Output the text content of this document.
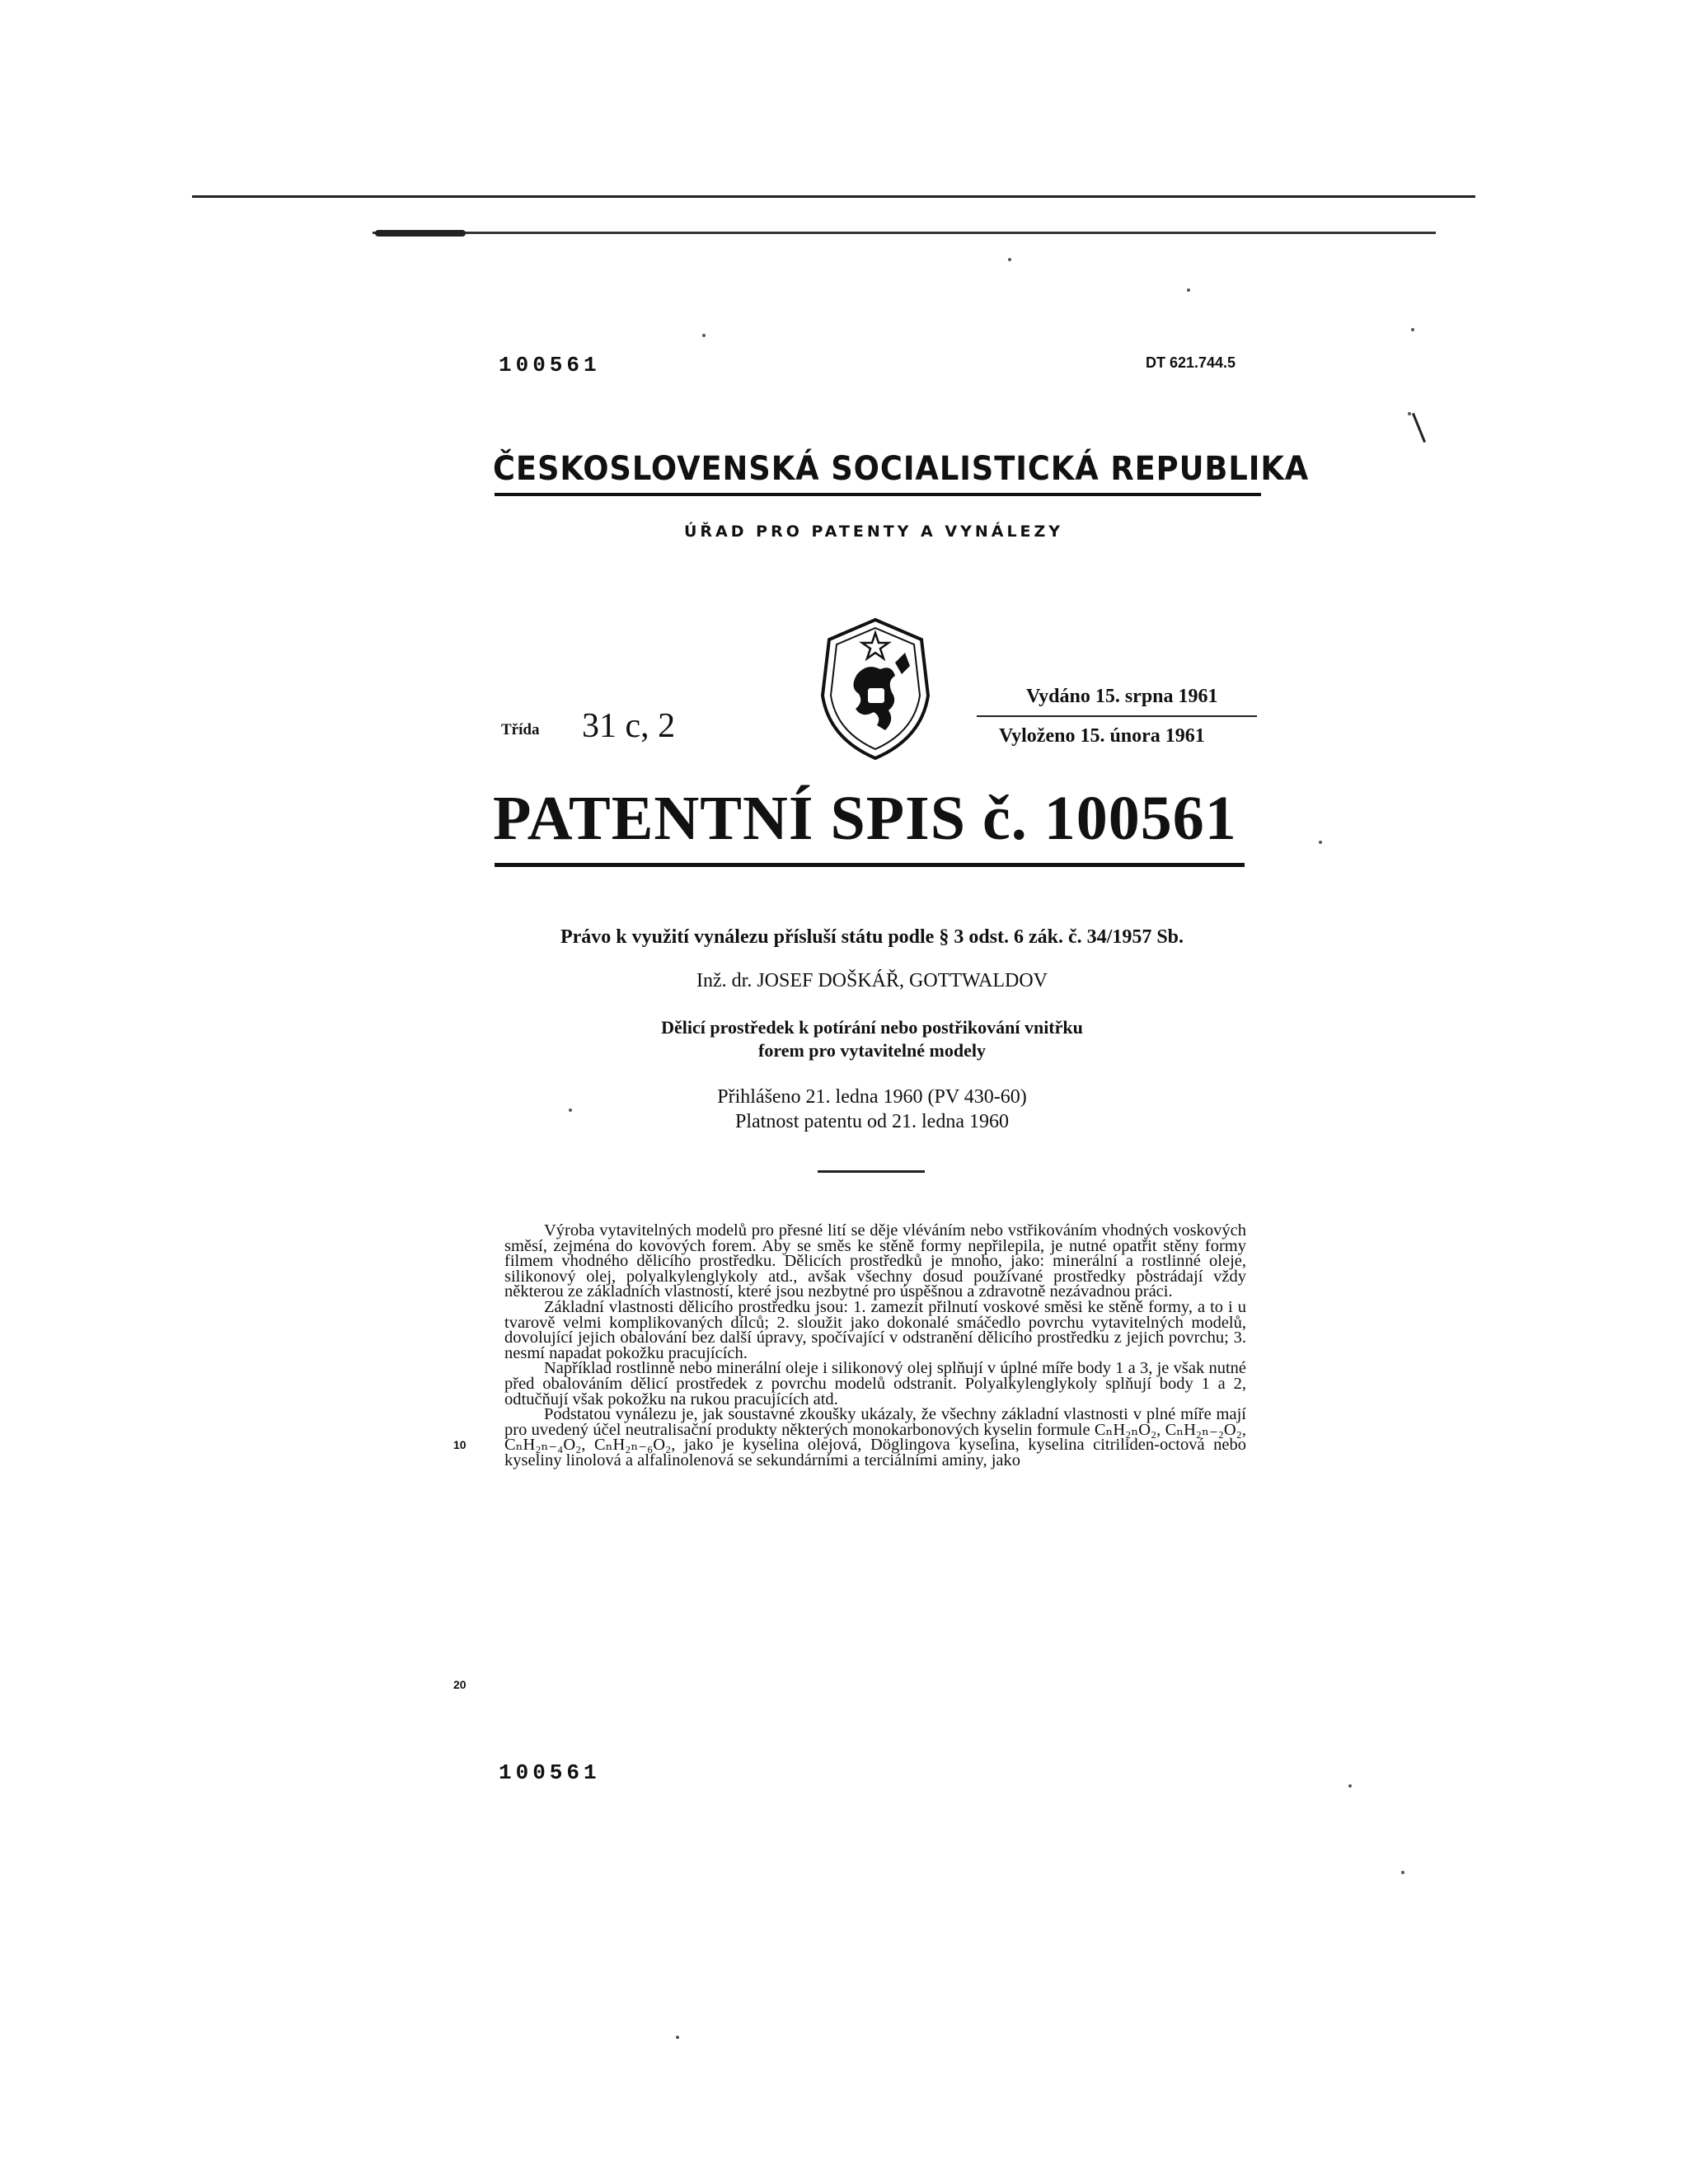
100561	DT 621.744.5
ČESKOSLOVENSKÁ SOCIALISTICKÁ REPUBLIKA
ÚŘAD PRO PATENTY A VYNÁLEZY
Třída 31 c, 2
Vydáno 15. srpna 1961
Vyloženo 15. února 1961
PATENTNÍ SPIS č. 100561
Právo k využití vynálezu přísluší státu podle § 3 odst. 6 zák. č. 34/1957 Sb.
Inž. dr. JOSEF DOŠKÁŘ, GOTTWALDOV
Dělicí prostředek k potírání nebo postřikování vnitřku
forem pro vytavitelné modely
Přihlášeno 21. ledna 1960 (PV 430-60)
Platnost patentu od 21. ledna 1960

Výroba vytavitelných modelů pro přesné lití se děje vléváním nebo vstřikováním vhodných voskových směsí, zejména do kovových forem. Aby se směs ke stěně formy nepřilepila, je nutné opatřit stěny formy filmem vhodného dělicího prostředku. Dělicích prostředků je mnoho, jako: minerální a rostlinné oleje, silikonový olej, polyalkylenglykoly atd., avšak všechny dosud používané prostředky postrádají vždy některou ze základních vlastností, které jsou nezbytné pro úspěšnou a zdravotně nezávadnou práci.

Základní vlastnosti dělicího prostředku jsou: 1. zamezit přilnutí voskové směsi ke stěně formy, a to i u tvarově velmi komplikovaných dílců; 2. sloužit jako dokonalé smáčedlo povrchu vytavitelných modelů, dovolující jejich obalování bez další úpravy, spočívající v odstranění dělicího prostředku z jejich povrchu; 3. nesmí napadat pokožku pracujících.

Například rostlinné nebo minerální oleje i silikonový olej splňují v úplné míře body 1 a 3, je však nutné před obalováním dělicí prostředek z povrchu modelů odstranit. Polyalkylenglykoly splňují body 1 a 2, odtučňují však pokožku na rukou pracujících atd.

Podstatou vynálezu je, jak soustavné zkoušky ukázaly, že všechny základní vlastnosti v plné míře mají pro uvedený účel neutralisační produkty některých monokarbonových kyselin formule CₙH₂ₙO₂, CₙH₂ₙ₋₂O₂, CₙH₂ₙ₋₄O₂, CₙH₂ₙ₋₆O₂, jako je kyselina olejová, Döglingova kyselina, kyselina citriliden-octová nebo kyseliny linolová a alfalinolenová se sekundárními a terciálními aminy, jako

10
20
100561
